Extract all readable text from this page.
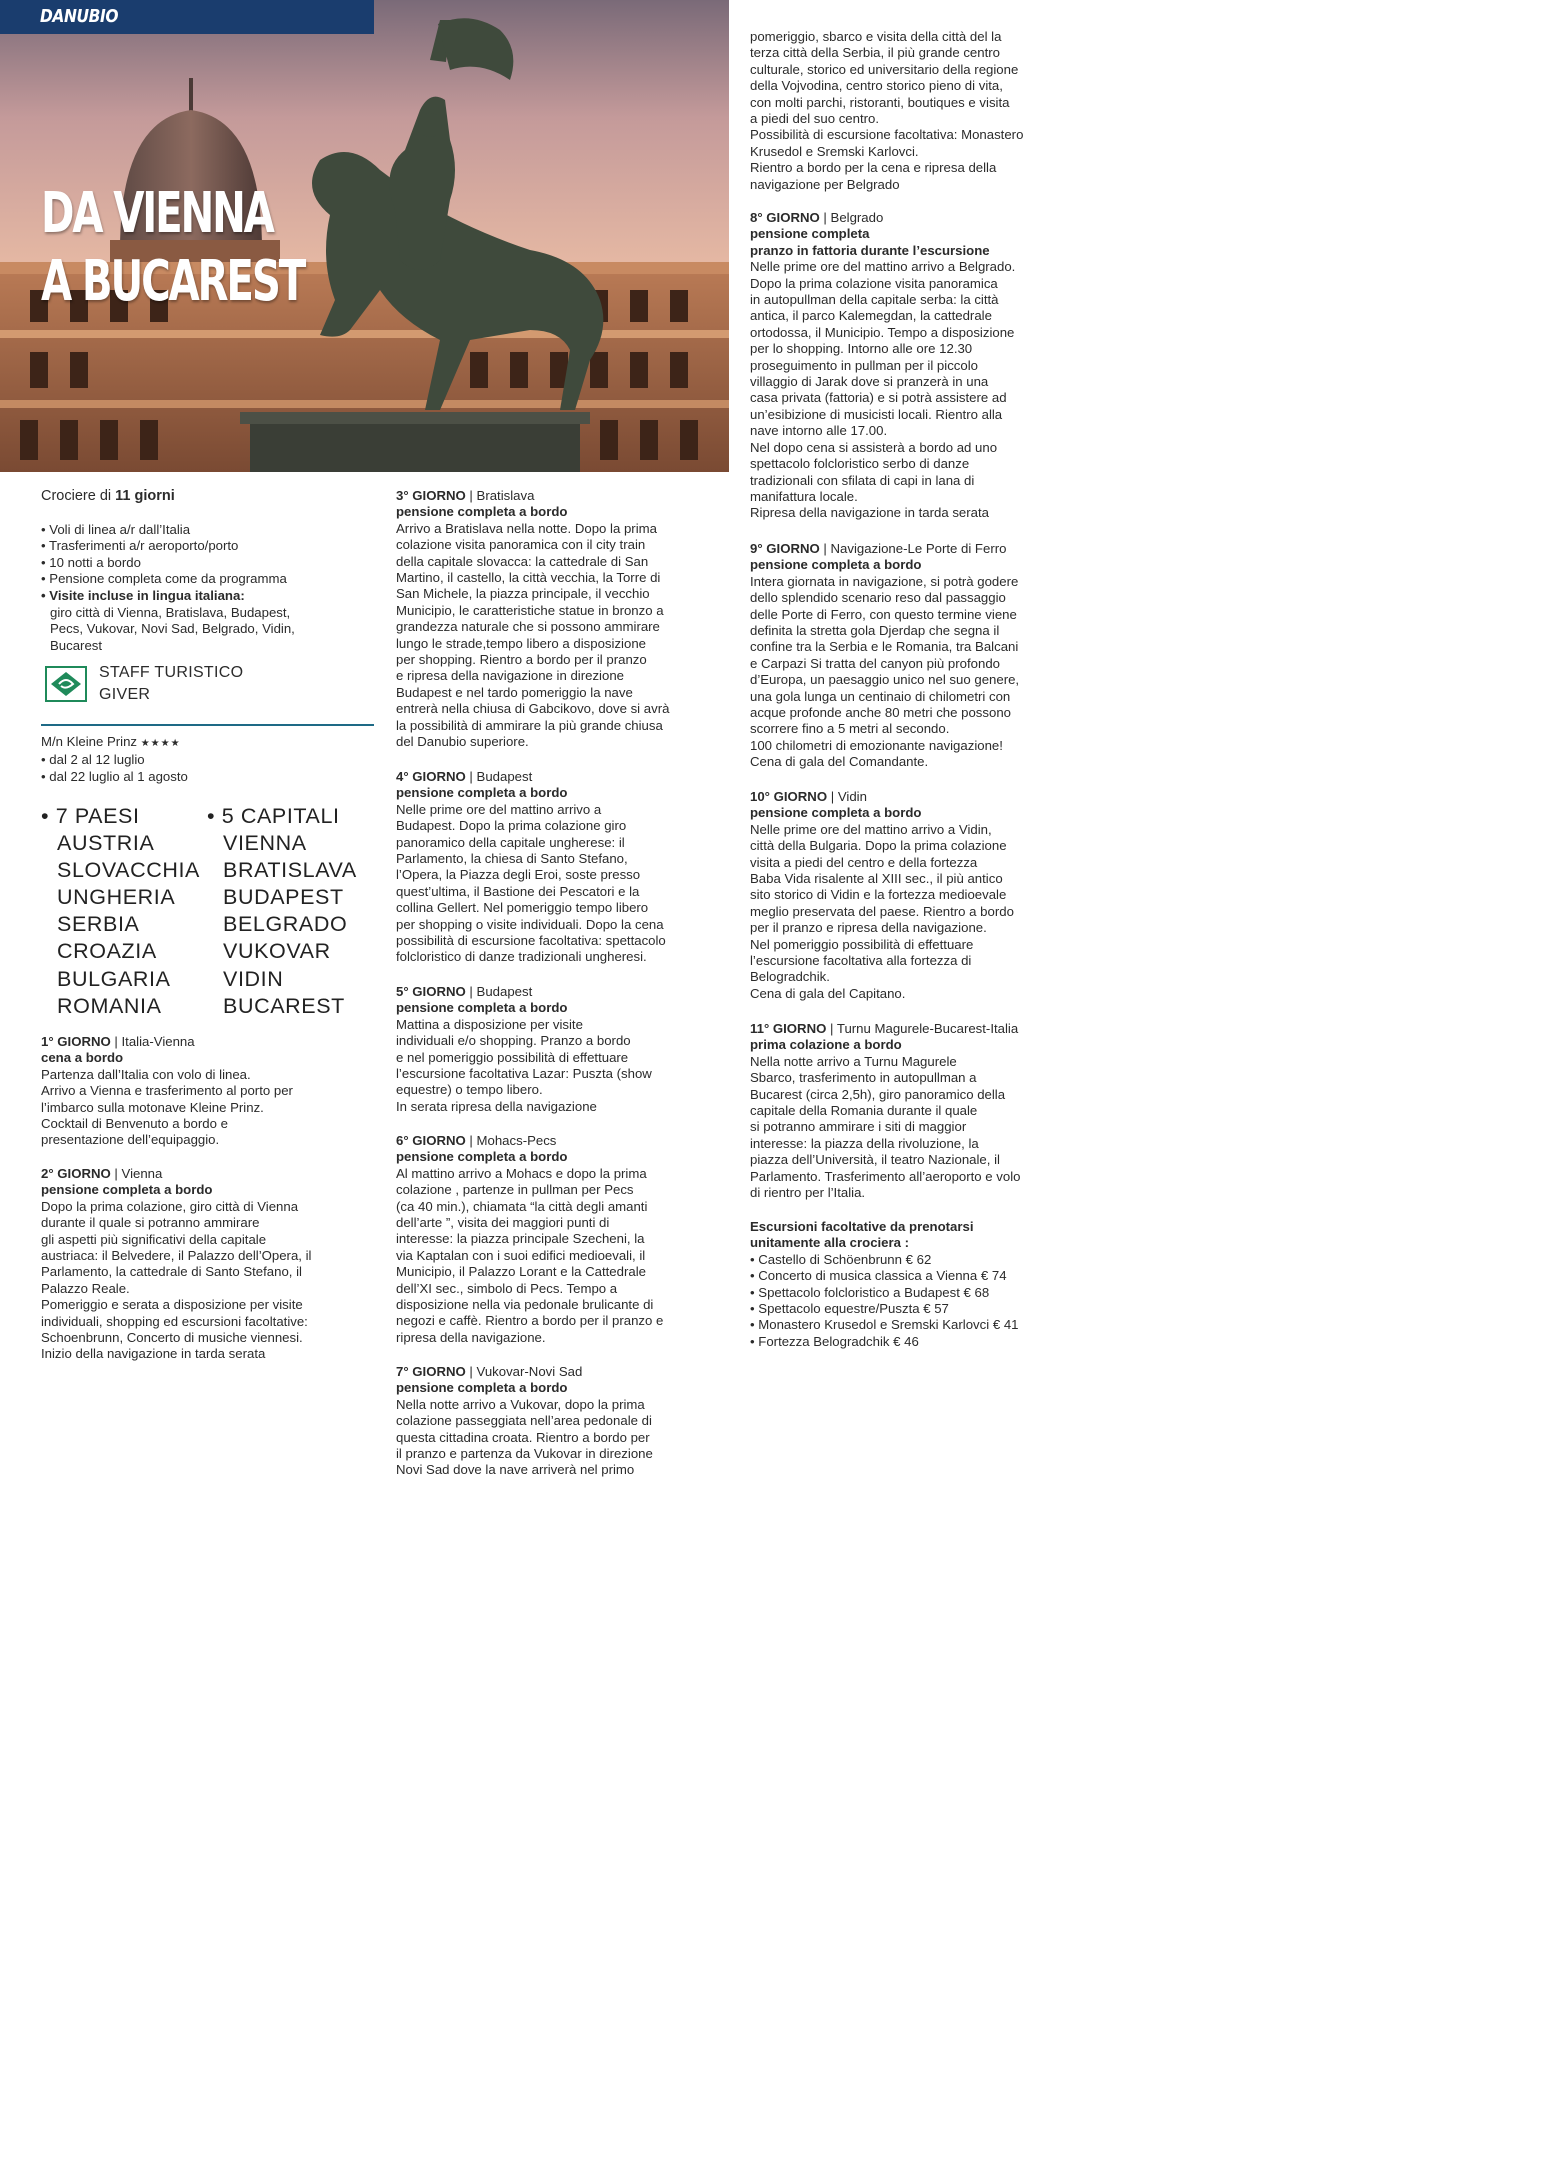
DANUBIO
DA VIENNA
A BUCAREST

Crociere di 11 giorni

• Voli di linea a/r dall’Italia
• Trasferimenti a/r aeroporto/porto
• 10 notti a bordo
• Pensione completa come da programma
• Visite incluse in lingua italiana:

giro città di Vienna, Bratislava, Budapest,
Pecs, Vukovar, Novi Sad, Belgrado, Vidin,
Bucarest

STAFF TURISTICO
GIVER

M/n Kleine Prinz ★★★★

• dal 2 al 12 luglio
• dal 22 luglio al 1 agosto
• 7 PAESI
AUSTRIA
SLOVACCHIA
UNGHERIA
SERBIA
CROAZIA
BULGARIA
ROMANIA
• 5 CAPITALI
VIENNA
BRATISLAVA
BUDAPEST
BELGRADO
VUKOVAR
VIDIN
BUCAREST

1° GIORNO | Italia-Vienna

cena a bordo

Partenza dall’Italia con volo di linea.
Arrivo a Vienna e trasferimento al porto per
l’imbarco sulla motonave Kleine Prinz.
Cocktail di Benvenuto a bordo e
presentazione dell’equipaggio.

2° GIORNO | Vienna

pensione completa a bordo

Dopo la prima colazione, giro città di Vienna
durante il quale si potranno ammirare
gli aspetti più significativi della capitale
austriaca: il Belvedere, il Palazzo dell’Opera, il
Parlamento, la cattedrale di Santo Stefano, il
Palazzo Reale.
Pomeriggio e serata a disposizione per visite
individuali, shopping ed escursioni facoltative:
Schoenbrunn, Concerto di musiche viennesi.
Inizio della navigazione in tarda serata

3° GIORNO | Bratislava

pensione completa a bordo

Arrivo a Bratislava nella notte. Dopo la prima
colazione visita panoramica con il city train
della capitale slovacca: la cattedrale di San
Martino, il castello, la città vecchia, la Torre di
San Michele, la piazza principale, il vecchio
Municipio, le caratteristiche statue in bronzo a
grandezza naturale che si possono ammirare
lungo le strade,tempo libero a disposizione
per shopping. Rientro a bordo per il pranzo
e ripresa della navigazione in direzione
Budapest e nel tardo pomeriggio la nave
entrerà nella chiusa di Gabcikovo, dove si avrà
la possibilità di ammirare la più grande chiusa
del Danubio superiore.

4° GIORNO | Budapest

pensione completa a bordo

Nelle prime ore del mattino arrivo a
Budapest. Dopo la prima colazione giro
panoramico della capitale ungherese: il
Parlamento, la chiesa di Santo Stefano,
l’Opera, la Piazza degli Eroi, soste presso
quest’ultima, il Bastione dei Pescatori e la
collina Gellert. Nel pomeriggio tempo libero
per shopping o visite individuali. Dopo la cena
possibilità di escursione facoltativa: spettacolo
folcloristico di danze tradizionali ungheresi.

5° GIORNO | Budapest

pensione completa a bordo

Mattina a disposizione per visite
individuali e/o shopping. Pranzo a bordo
e nel pomeriggio possibilità di effettuare
l’escursione facoltativa Lazar: Puszta (show
equestre) o tempo libero.
In serata ripresa della navigazione

6° GIORNO | Mohacs-Pecs

pensione completa a bordo

Al mattino arrivo a Mohacs e dopo la prima
colazione , partenze in pullman per Pecs
(ca 40 min.), chiamata “la città degli amanti
dell’arte ”, visita dei maggiori punti di
interesse: la piazza principale Szecheni, la
via Kaptalan con i suoi edifici medioevali, il
Municipio, il Palazzo Lorant e la Cattedrale
dell’XI sec., simbolo di Pecs. Tempo a
disposizione nella via pedonale brulicante di
negozi e caffè. Rientro a bordo per il pranzo e
ripresa della navigazione.

7° GIORNO | Vukovar-Novi Sad

pensione completa a bordo

Nella notte arrivo a Vukovar, dopo la prima
colazione passeggiata nell’area pedonale di
questa cittadina croata. Rientro a bordo per
il pranzo e partenza da Vukovar in direzione
Novi Sad dove la nave arriverà nel primo

pomeriggio, sbarco e visita della città del la
terza città della Serbia, il più grande centro
culturale, storico ed universitario della regione
della Vojvodina, centro storico pieno di vita,
con molti parchi, ristoranti, boutiques e visita
a piedi del suo centro.
Possibilità di escursione facoltativa: Monastero
Krusedol e Sremski Karlovci.
Rientro a bordo per la cena e ripresa della
navigazione per Belgrado

8° GIORNO | Belgrado

pensione completa
pranzo in fattoria durante l’escursione

Nelle prime ore del mattino arrivo a Belgrado.
Dopo la prima colazione visita panoramica
in autopullman della capitale serba: la città
antica, il parco Kalemegdan, la cattedrale
ortodossa, il Municipio. Tempo a disposizione
per lo shopping. Intorno alle ore 12.30
proseguimento in pullman per il piccolo
villaggio di Jarak dove si pranzerà in una
casa privata (fattoria) e si potrà assistere ad
un’esibizione di musicisti locali. Rientro alla
nave intorno alle 17.00.
Nel dopo cena si assisterà a bordo ad uno
spettacolo folcloristico serbo di danze
tradizionali con sfilata di capi in lana di
manifattura locale.
Ripresa della navigazione in tarda serata

9° GIORNO | Navigazione-Le Porte di Ferro

pensione completa a bordo

Intera giornata in navigazione, si potrà godere
dello splendido scenario reso dal passaggio
delle Porte di Ferro, con questo termine viene
definita la stretta gola Djerdap che segna il
confine tra la Serbia e le Romania, tra Balcani
e Carpazi Si tratta del canyon più profondo
d’Europa, un paesaggio unico nel suo genere,
una gola lunga un centinaio di chilometri con
acque profonde anche 80 metri che possono
scorrere fino a 5 metri al secondo.
100 chilometri di emozionante navigazione!
Cena di gala del Comandante.

10° GIORNO | Vidin

pensione completa a bordo

Nelle prime ore del mattino arrivo a Vidin,
città della Bulgaria. Dopo la prima colazione
visita a piedi del centro e della fortezza
Baba Vida risalente al XIII sec., il più antico
sito storico di Vidin e la fortezza medioevale
meglio preservata del paese. Rientro a bordo
per il pranzo e ripresa della navigazione.
Nel pomeriggio possibilità di effettuare
l’escursione facoltativa alla fortezza di
Belogradchik.
Cena di gala del Capitano.

11° GIORNO | Turnu Magurele-Bucarest-Italia

prima colazione a bordo

Nella notte arrivo a Turnu Magurele
Sbarco, trasferimento in autopullman a
Bucarest (circa 2,5h), giro panoramico della
capitale della Romania durante il quale
si potranno ammirare i siti di maggior
interesse: la piazza della rivoluzione, la
piazza dell’Università, il teatro Nazionale, il
Parlamento. Trasferimento all’aeroporto e volo
di rientro per l’Italia.

Escursioni facoltative da prenotarsi
unitamente alla crociera :

• Castello di Schöenbrunn € 62
• Concerto di musica classica a Vienna € 74
• Spettacolo folcloristico a Budapest € 68
• Spettacolo equestre/Puszta € 57
• Monastero Krusedol e Sremski Karlovci € 41
• Fortezza Belogradchik € 46
